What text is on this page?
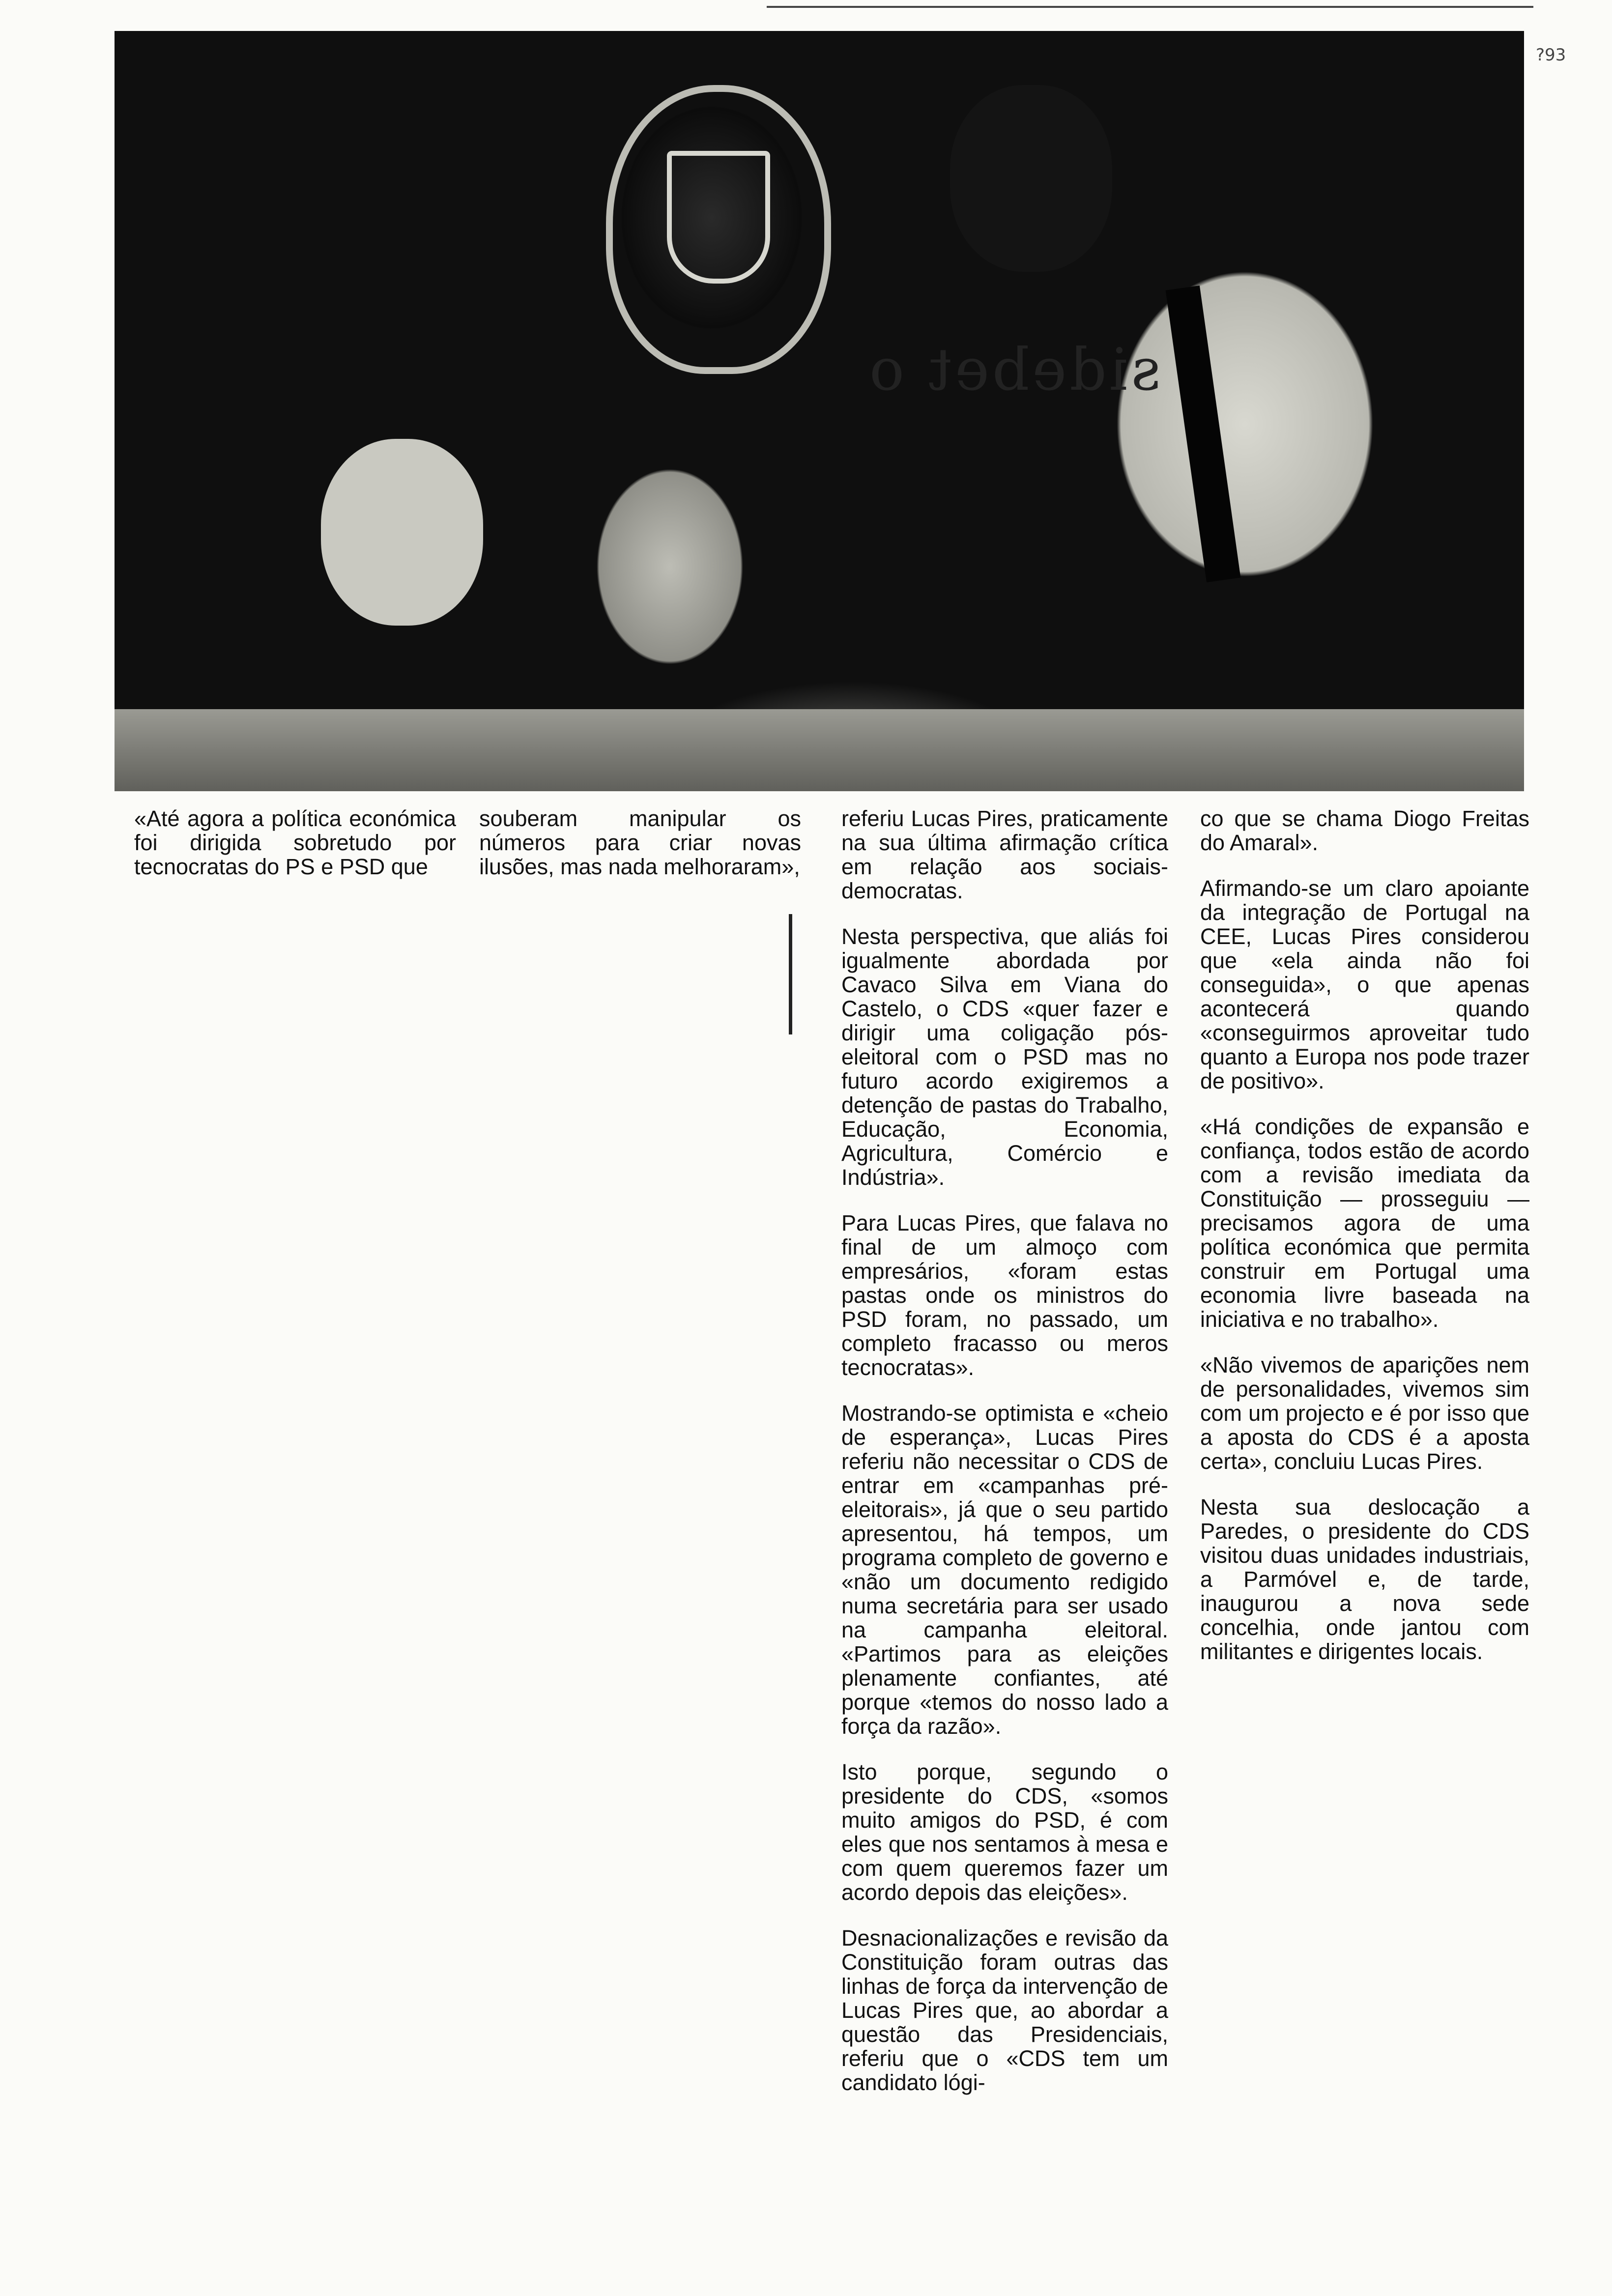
?93
sidebet o

«Até agora a política económica foi dirigida sobretudo por tecnocratas do PS e PSD que

souberam manipular os números para criar novas ilusões, mas nada melhoraram»,

referiu Lucas Pires, praticamente na sua última afirmação crítica em relação aos sociais-democratas.

Nesta perspectiva, que aliás foi igualmente abordada por Cavaco Silva em Viana do Castelo, o CDS «quer fazer e dirigir uma coligação pós-eleitoral com o PSD mas no futuro acordo exigiremos a detenção de pastas do Trabalho, Educação, Economia, Agricultura, Comércio e Indústria».

Para Lucas Pires, que falava no final de um almoço com empresários, «foram estas pastas onde os ministros do PSD foram, no passado, um completo fracasso ou meros tecnocratas».

Mostrando-se optimista e «cheio de esperança», Lucas Pires referiu não necessitar o CDS de entrar em «campanhas pré-eleitorais», já que o seu partido apresentou, há tempos, um programa completo de governo e «não um documento redigido numa secretária para ser usado na campanha eleitoral. «Partimos para as eleições plenamente confiantes, até porque «temos do nosso lado a força da razão».

Isto porque, segundo o presidente do CDS, «somos muito amigos do PSD, é com eles que nos sentamos à mesa e com quem queremos fazer um acordo depois das eleições».

Desnacionalizações e revisão da Constituição foram outras das linhas de força da intervenção de Lucas Pires que, ao abordar a questão das Presidenciais, referiu que o «CDS tem um candidato lógi-

co que se chama Diogo Freitas do Amaral».

Afirmando-se um claro apoiante da integração de Portugal na CEE, Lucas Pires considerou que «ela ainda não foi conseguida», o que apenas acontecerá quando «conseguirmos aproveitar tudo quanto a Europa nos pode trazer de positivo».

«Há condições de expansão e confiança, todos estão de acordo com a revisão imediata da Constituição — prosseguiu — precisamos agora de uma política económica que permita construir em Portugal uma economia livre baseada na iniciativa e no trabalho».

«Não vivemos de aparições nem de personalidades, vivemos sim com um projecto e é por isso que a aposta do CDS é a aposta certa», concluiu Lucas Pires.

Nesta sua deslocação a Paredes, o presidente do CDS visitou duas unidades industriais, a Parmóvel e, de tarde, inaugurou a nova sede concelhia, onde jantou com militantes e dirigentes locais.
